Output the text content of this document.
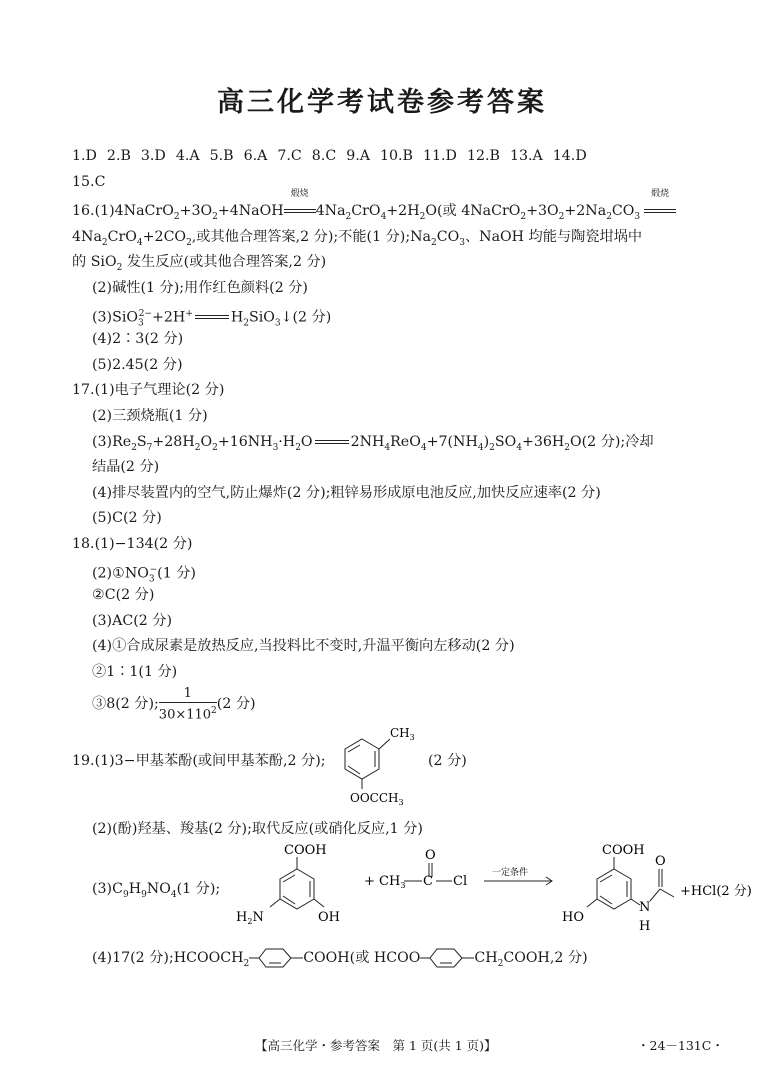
高三化学考试卷参考答案
1.D 2.B 3.D 4.A 5.B 6.A 7.C 8.C 9.A 10.B 11.D 12.B 13.A 14.D
15.C
$16.(1)4NaCrO_2+3O_2+4NaOH$
煅烧
$4Na_2CrO_4+2H_2O$(或 $4NaCrO_2+3O_2+2Na_2CO_3$
煅烧
$4Na_2CrO_4+2CO_2$,或其他合理答案,2 分);不能(1 分)$;Na_2CO_3$、NaOH 均能与陶瓷坩埚中
的 SiO$_2$ 发生反应(或其他合理答案,2 分)
(2)碱性(1 分);用作红色颜料(2 分)
(3)SiO$_3^{2-}$+2H+	$H_2SiO_3↓(2$ 分)
(4)2∶3(2 分)
(5)2.45(2 分)
17.(1)电子气理论(2 分)
(2)三颈烧瓶(1 分)
$(3)Re_2S_7+28H_2O_2+16NH_3\cdot H_2O$	$2NH_4ReO_4+7(NH_4)_2SO_4+36H_2O(2$ 分);冷却
结晶(2 分)
(4)排尽装置内的空气,防止爆炸(2 分);粗锌易形成原电池反应,加快反应速率(2 分)
(5)C(2 分)
18.(1)−134(2 分)
$(2)①NO_3^-(1$ 分)
②C(2 分)
(3)AC(2 分)
(4)①合成尿素是放热反应,当投料比不变时,升温平衡向左移动(2 分)
②1∶1(1 分)
③8(2 分); $\frac{1}{30\times 110^2} (2$ 分)
19.(1)3−甲基苯酚(或间甲基苯酚,2 分);
$CH_3$
$OOCCH_3$
(2 分)
(2)(酚)羟基、羧基(2 分);取代反应(或硝化反应,1 分)
$(3)C_9H_9NO_4(1$ 分);
COOH
$H_2N$	OH
+ $CH_3$
O
C Cl
一定条件
COOH
HO
N
H
O
+HCl(2 分)
(4)17(2 分)$;HCOOCH_2$	COOH(或 HCOO	$CH_2COOH,2$ 分)
【高三化学・参考答案　第 1 页(共 1 页)】	・24－131C・
